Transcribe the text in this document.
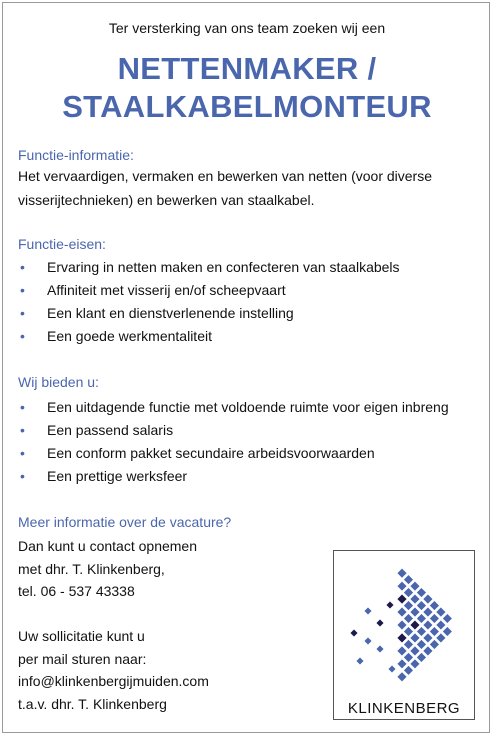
Ter versterking van ons team zoeken wij een
NETTENMAKER /
STAALKABELMONTEUR
Functie-informatie:
Het vervaardigen, vermaken en bewerken van netten (voor diverse
visserijtechnieken) en bewerken van staalkabel.
Functie-eisen:
• Ervaring in netten maken en confecteren van staalkabels
• Affiniteit met visserij en/of scheepvaart
• Een klant en dienstverlenende instelling
• Een goede werkmentaliteit
Wij bieden u:
• Een uitdagende functie met voldoende ruimte voor eigen inbreng
• Een passend salaris
• Een conform pakket secundaire arbeidsvoorwaarden
• Een prettige werksfeer
Meer informatie over de vacature?
Dan kunt u contact opnemen
met dhr. T. Klinkenberg,
tel. 06 - 537 43338
Uw sollicitatie kunt u
per mail sturen naar:
info@klinkenbergijmuiden.com
t.a.v. dhr. T. Klinkenberg	KLINKENBERG
